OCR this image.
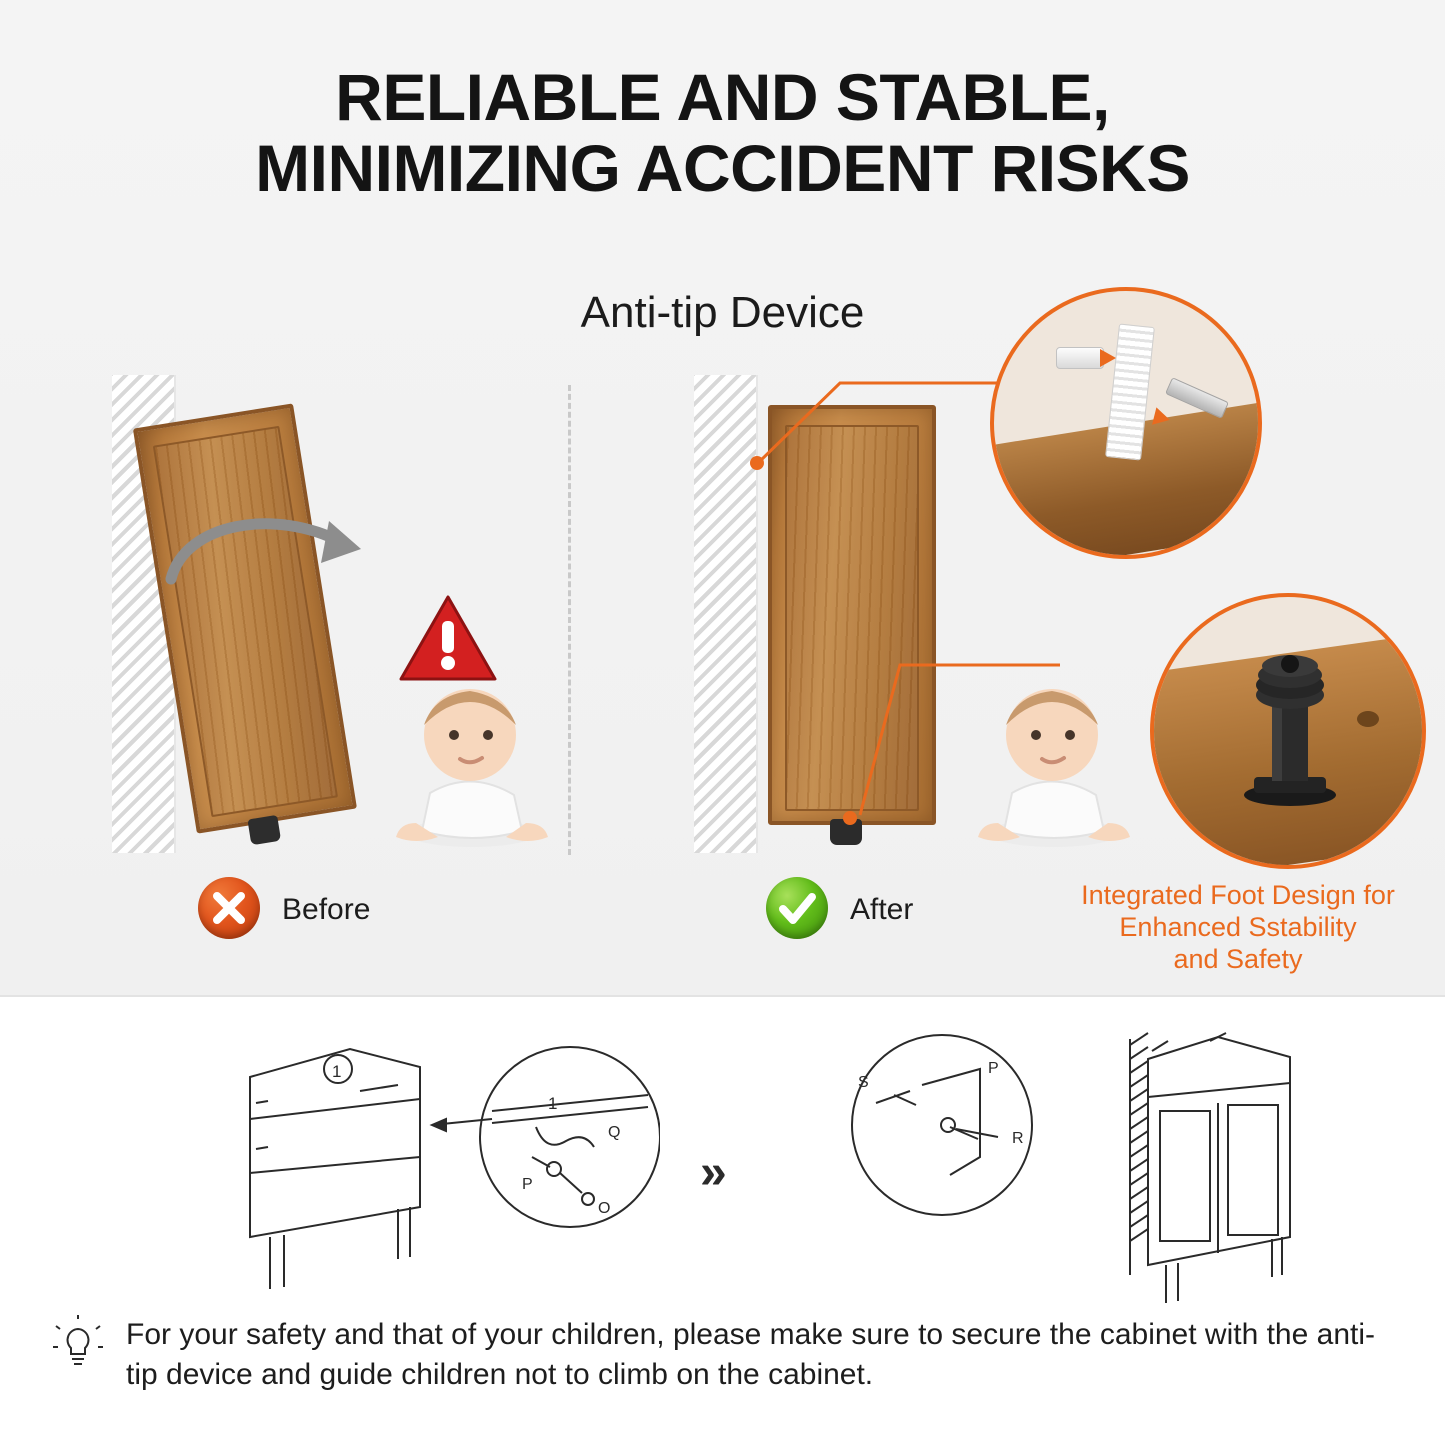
RELIABLE AND STABLE,
MINIMIZING ACCIDENT RISKS
Anti-tip Device
Before	After	Integrated Foot Design for
Enhanced Sstability
and Safety
1
1
P
Q
O
»
S
P
R
For your safety and that of your children, please make sure to secure the cabinet with the anti-tip device and guide children not to climb on the cabinet.
